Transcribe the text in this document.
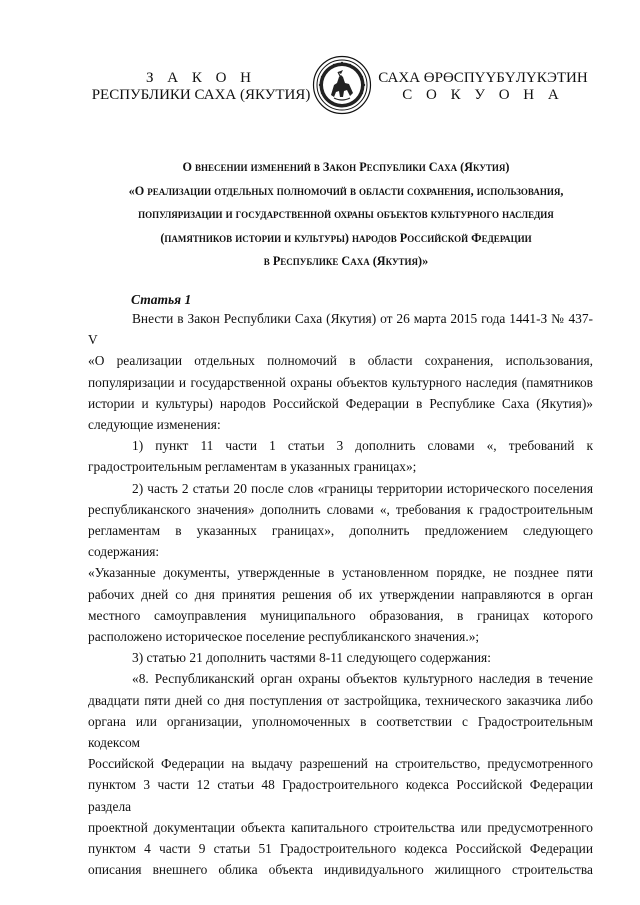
З А К О Н
РЕСПУБЛИКИ САХА (ЯКУТИЯ)
САХА ӨРӨСПҮҮБҮЛҮКЭТИН
С О К У О Н А
О внесении изменений в Закон Республики Саха (Якутия)
«О реализации отдельных полномочий в области сохранения, использования,
популяризации и государственной охраны объектов культурного наследия
(памятников истории и культуры) народов Российской Федерации
в Республике Саха (Якутия)»
Статья 1

Внести в Закон Республики Саха (Якутия) от 26 марта 2015 года 1441-З № 437-V

«О реализации отдельных полномочий в области сохранения, использования,

популяризации и государственной охраны объектов культурного наследия (памятников

истории и культуры) народов Российской Федерации в Республике Саха (Якутия)»

следующие изменения:

1) пункт 11 части 1 статьи 3 дополнить словами «, требований к

градостроительным регламентам в указанных границах»;

2) часть 2 статьи 20 после слов «границы территории исторического поселения

республиканского значения» дополнить словами «, требования к градостроительным

регламентам в указанных границах», дополнить предложением следующего содержания:

«Указанные документы, утвержденные в установленном порядке, не позднее пяти

рабочих дней со дня принятия решения об их утверждении направляются в орган

местного самоуправления муниципального образования, в границах которого

расположено историческое поселение республиканского значения.»;

3) статью 21 дополнить частями 8-11 следующего содержания:

«8. Республиканский орган охраны объектов культурного наследия в течение

двадцати пяти дней со дня поступления от застройщика, технического заказчика либо

органа или организации, уполномоченных в соответствии с Градостроительным кодексом

Российской Федерации на выдачу разрешений на строительство, предусмотренного

пунктом 3 части 12 статьи 48 Градостроительного кодекса Российской Федерации раздела

проектной документации объекта капитального строительства или предусмотренного

пунктом 4 части 9 статьи 51 Градостроительного кодекса Российской Федерации

описания внешнего облика объекта индивидуального жилищного строительства
